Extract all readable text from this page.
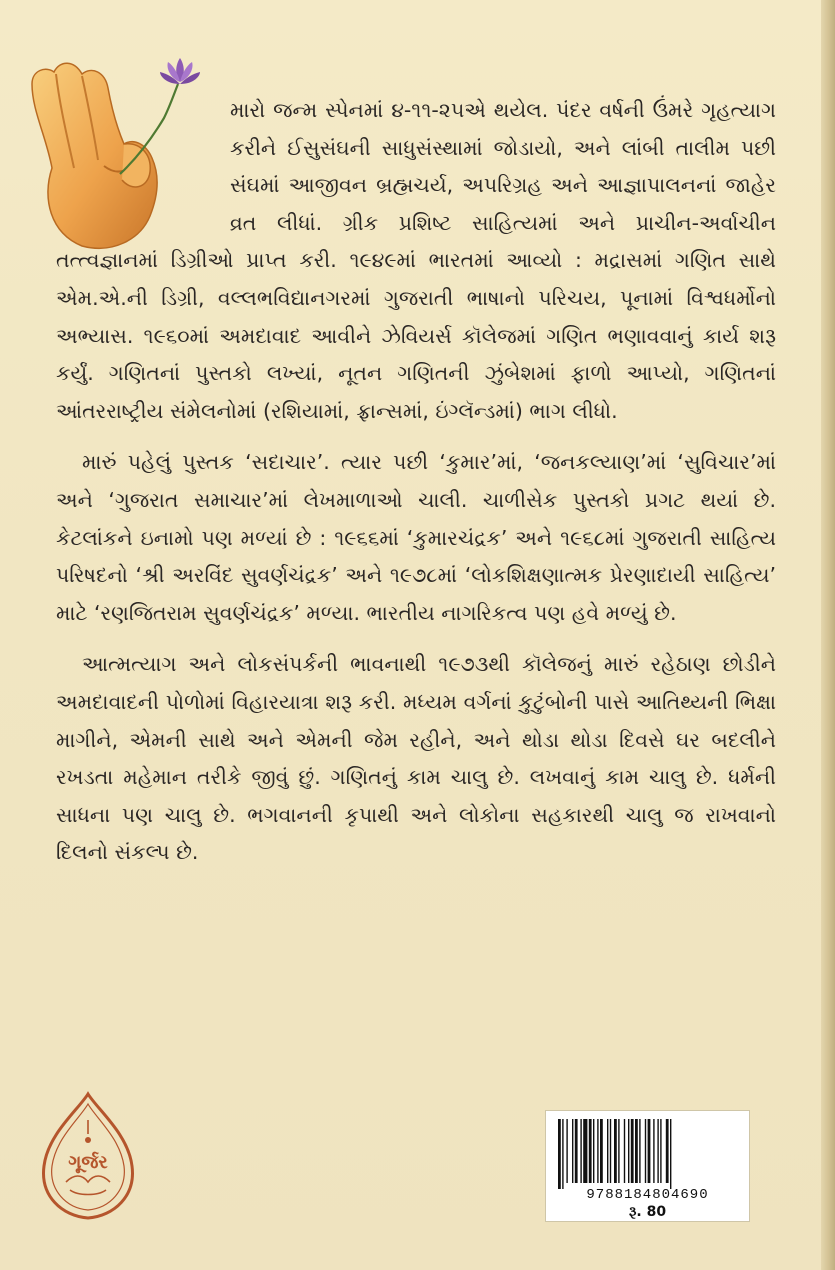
મારો જન્મ સ્પેનમાં ૪-૧૧-૨૫એ થયેલ. પંદર વર્ષની ઉંમરે ગૃહત્યાગ કરીને ઈસુસંઘની સાધુસંસ્થામાં જોડાયો, અને લાંબી તાલીમ પછી સંઘમાં આજીવન બ્રહ્મચર્ય, અપરિગ્રહ અને આજ્ઞાપાલનનાં જાહેર વ્રત લીધાં. ગ્રીક પ્રશિષ્ટ સાહિત્યમાં અને પ્રાચીન-અર્વાચીન તત્ત્વજ્ઞાનમાં ડિગ્રીઓ પ્રાપ્ત કરી. ૧૯૪૯માં ભારતમાં આવ્યો : મદ્રાસમાં ગણિત સાથે એમ.એ.ની ડિગ્રી, વલ્લભવિદ્યાનગરમાં ગુજરાતી ભાષાનો પરિચય, પૂનામાં વિશ્વધર્મોનો અભ્યાસ. ૧૯૬૦માં અમદાવાદ આવીને ઝેવિયર્સ કૉલેજમાં ગણિત ભણાવવાનું કાર્ય શરૂ કર્યું. ગણિતનાં પુસ્તકો લખ્યાં, નૂતન ગણિતની ઝુંબેશમાં ફાળો આપ્યો, ગણિતનાં આંતરરાષ્ટ્રીય સંમેલનોમાં (રશિયામાં, ફ્રાન્સમાં, ઇંગ્લૅન્ડમાં) ભાગ લીધો.

મારું પહેલું પુસ્તક ‘સદાચાર’. ત્યાર પછી ‘કુમાર’માં, ‘જનકલ્યાણ’માં ‘સુવિચાર’માં અને ‘ગુજરાત સમાચાર’માં લેખમાળાઓ ચાલી. ચાળીસેક પુસ્તકો પ્રગટ થયાં છે. કેટલાંકને ઇનામો પણ મળ્યાં છે : ૧૯૬૬માં ‘કુમારચંદ્રક’ અને ૧૯૬૮માં ગુજરાતી સાહિત્ય પરિષદનો ‘શ્રી અરવિંદ સુવર્ણચંદ્રક’ અને ૧૯૭૮માં ‘લોકશિક્ષણાત્મક પ્રેરણાદાયી સાહિત્ય’ માટે ‘રણજિતરામ સુવર્ણચંદ્રક’ મળ્યા. ભારતીય નાગરિકત્વ પણ હવે મળ્યું છે.

આત્મત્યાગ અને લોકસંપર્કની ભાવનાથી ૧૯૭૩થી કૉલેજનું મારું રહેઠાણ છોડીને અમદાવાદની પોળોમાં વિહારયાત્રા શરૂ કરી. મધ્યમ વર્ગનાં કુટુંબોની પાસે આતિથ્યની ભિક્ષા માગીને, એમની સાથે અને એમની જેમ રહીને, અને થોડા થોડા દિવસે ઘર બદલીને રખડતા મહેમાન તરીકે જીવું છું. ગણિતનું કામ ચાલુ છે. લખવાનું કામ ચાલુ છે. ધર્મની સાધના પણ ચાલુ છે. ભગવાનની કૃપાથી અને લોકોના સહકારથી ચાલુ જ રાખવાનો દિલનો સંકલ્પ છે.

ગૂર્જર
9788184804690
રૂ. 80
